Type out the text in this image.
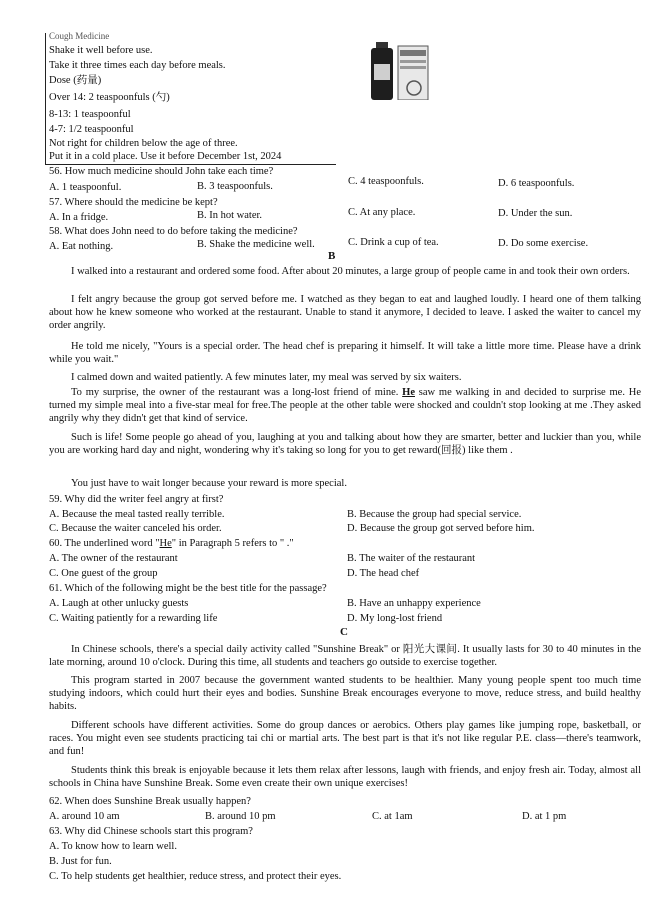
Cough Medicine
Shake it well before use.
Take it three times each day before meals.
Dose (药量)
Over 14: 2 teaspoonfuls (勺)
8-13: 1 teaspoonful
4-7: 1/2 teaspoonful
Not right for children below the age of three.
Put it in a cold place. Use it before December 1st, 2024
56. How much medicine should John take each time?
A. 1 teaspoonful.	B. 3 teaspoonfuls.	C. 4 teaspoonfuls.	D. 6 teaspoonfuls.
57. Where should the medicine be kept?
A. In a fridge.	B. In hot water.	C. At any place.	D. Under the sun.
58. What does John need to do before taking the medicine?
A. Eat nothing.	B. Shake the medicine well.	C. Drink a cup of tea.	D. Do some exercise.
B
I walked into a restaurant and ordered some food. After about 20 minutes, a large group of people came in and took their own orders.
I felt angry because the group got served before me. I watched as they began to eat and laughed loudly. I heard one of them talking about how he knew someone who worked at the restaurant. Unable to stand it anymore, I decided to leave. I asked the waiter to cancel my order angrily.
He told me nicely, "Yours is a special order. The head chef is preparing it himself. It will take a little more time. Please have a drink while you wait."
I calmed down and waited patiently. A few minutes later, my meal was served by six waiters.
To my surprise, the owner of the restaurant was a long-lost friend of mine. He saw me walking in and decided to surprise me. He turned my simple meal into a five-star meal for free.The people at the other table were shocked and couldn't stop looking at me .They asked angrily why they didn't get that kind of service.
Such is life! Some people go ahead of you, laughing at you and talking about how they are smarter, better and luckier than you, while you are working hard day and night, wondering why it's taking so long for you to get reward(回报) like them .
You just have to wait longer because your reward is more special.
59. Why did the writer feel angry at first?
A. Because the meal tasted really terrible.	B. Because the group had special service.
C. Because the waiter canceled his order.	D. Because the group got served before him.
60. The underlined word "He" in Paragraph 5 refers to " ."
A. The owner of the restaurant	B. The waiter of the restaurant
C. One guest of the group	D. The head chef
61. Which of the following might be the best title for the passage?
A. Laugh at other unlucky guests	B. Have an unhappy experience
C. Waiting patiently for a rewarding life	D. My long-lost friend
C
In Chinese schools, there's a special daily activity called "Sunshine Break" or 阳光大课间. It usually lasts for 30 to 40 minutes in the late morning, around 10 o'clock. During this time, all students and teachers go outside to exercise together.
This program started in 2007 because the government wanted students to be healthier. Many young people spent too much time studying indoors, which could hurt their eyes and bodies. Sunshine Break encourages everyone to move, reduce stress, and build healthy habits.
Different schools have different activities. Some do group dances or aerobics. Others play games like jumping rope, basketball, or races. You might even see students practicing tai chi or martial arts. The best part is that it's not like regular P.E. class—there's teamwork, and fun!
Students think this break is enjoyable because it lets them relax after lessons, laugh with friends, and enjoy fresh air. Today, almost all schools in China have Sunshine Break. Some even create their own unique exercises!
62. When does Sunshine Break usually happen?
A. around 10 am	B. around 10 pm	C. at 1am	D. at 1 pm
63. Why did Chinese schools start this program?
A. To know how to learn well.
B. Just for fun.
C. To help students get healthier, reduce stress, and protect their eyes.
